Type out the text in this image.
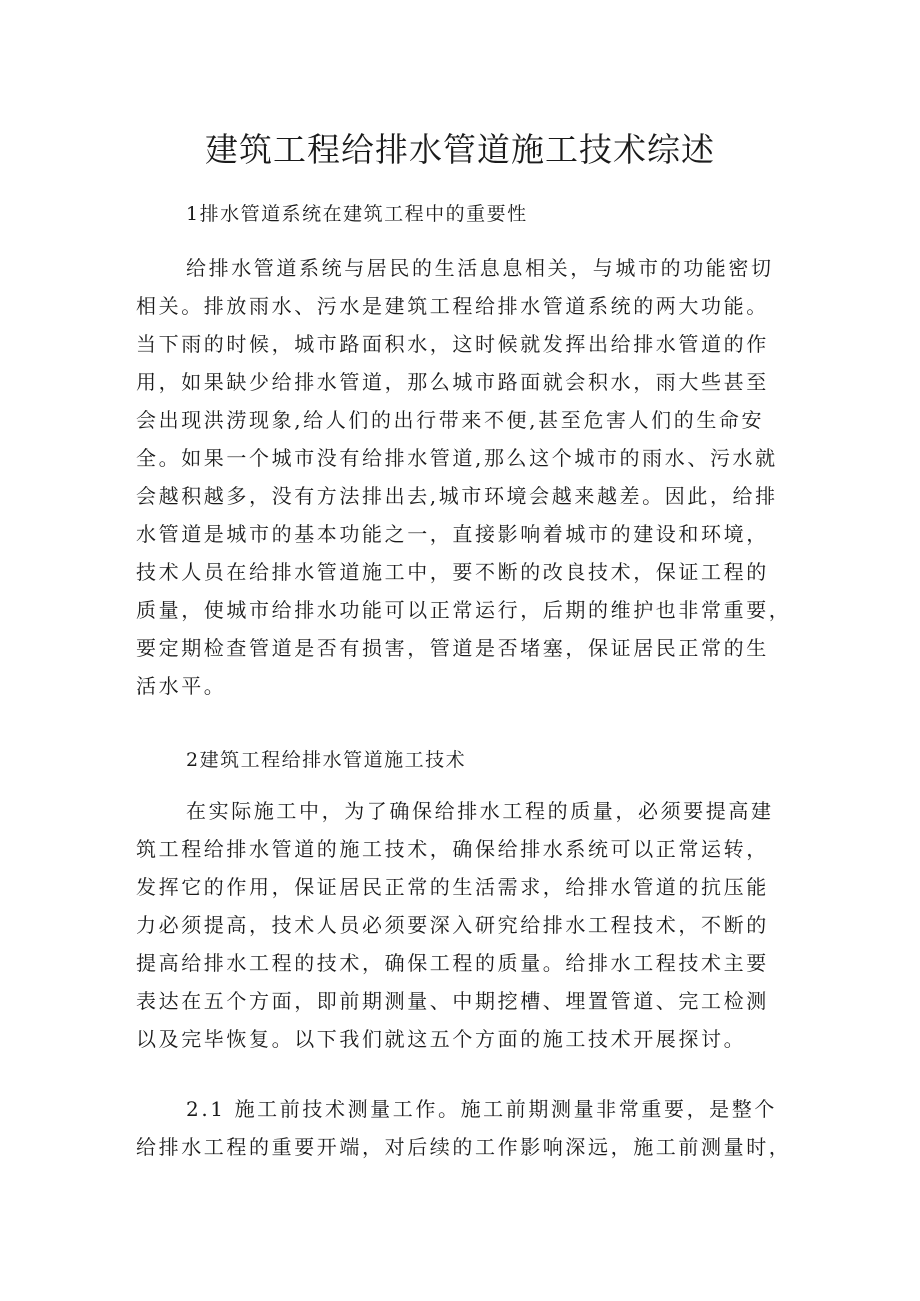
建筑工程给排水管道施工技术综述
1排水管道系统在建筑工程中的重要性
给排水管道系统与居民的生活息息相关，与城市的功能密切
相关。排放雨水、污水是建筑工程给排水管道系统的两大功能。
当下雨的时候，城市路面积水，这时候就发挥出给排水管道的作
用，如果缺少给排水管道，那么城市路面就会积水，雨大些甚至
会出现洪涝现象,给人们的出行带来不便,甚至危害人们的生命安
全。如果一个城市没有给排水管道,那么这个城市的雨水、污水就
会越积越多，没有方法排出去,城市环境会越来越差。因此，给排
水管道是城市的基本功能之一，直接影响着城市的建设和环境，
技术人员在给排水管道施工中，要不断的改良技术，保证工程的
质量，使城市给排水功能可以正常运行，后期的维护也非常重要，
要定期检查管道是否有损害，管道是否堵塞，保证居民正常的生
活水平。
2建筑工程给排水管道施工技术
在实际施工中，为了确保给排水工程的质量，必须要提高建
筑工程给排水管道的施工技术，确保给排水系统可以正常运转，
发挥它的作用，保证居民正常的生活需求，给排水管道的抗压能
力必须提高，技术人员必须要深入研究给排水工程技术，不断的
提高给排水工程的技术，确保工程的质量。给排水工程技术主要
表达在五个方面，即前期测量、中期挖槽、埋置管道、完工检测
以及完毕恢复。以下我们就这五个方面的施工技术开展探讨。
2.1 施工前技术测量工作。施工前期测量非常重要，是整个
给排水工程的重要开端，对后续的工作影响深远，施工前测量时，
